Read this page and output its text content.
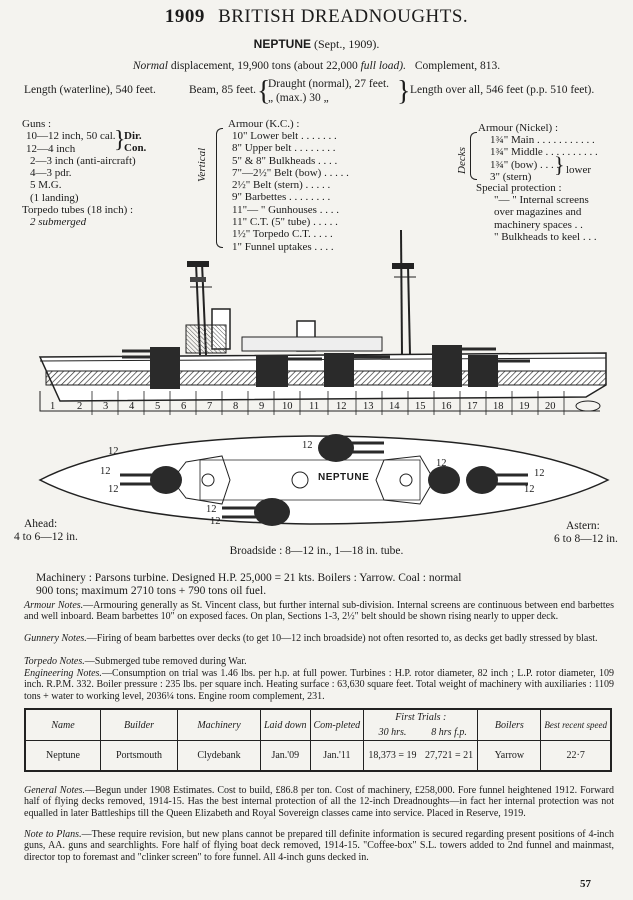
1909 BRITISH DREADNOUGHTS.
NEPTUNE (Sept., 1909).
Normal displacement, 19,900 tons (about 22,000 full load). Complement, 813.
Length (waterline), 540 feet.	Beam, 85 feet. {
Draught (normal), 27 feet.
„ (max.) 30 „ } Length over all, 546 feet (p.p. 510 feet).
Guns :
10—12 inch, 50 cal.
12—4 inch
2—3 inch (anti-aircraft)
4—3 pdr.
5 M.G.
(1 landing)
Torpedo tubes (18 inch) :
2 submerged
}
Dir.
Con.
Armour (K.C.) :
Vertical
10" Lower belt . . . . . . .
8" Upper belt . . . . . . . .
5" & 8" Bulkheads . . . .
7"—2½" Belt (bow) . . . . .
2½" Belt (stern) . . . . .
9" Barbettes . . . . . . . .
11"— " Gunhouses . . . .
11" C.T. (5" tube) . . . . .
1½" Torpedo C.T. . . . .
1" Funnel uptakes . . . .
Armour (Nickel) :
Decks
1¾" Main . . . . . . . . . . .
1¾" Middle . . . . . . . . . .
1¾" (bow) . . . .
3" (stern)	} lower
Special protection :
"— " Internal screens
over magazines and
machinery spaces . .
" Bulkheads to keel . . .
1 2 3 4 5 6 7 8 9 10 11 12 13 14 15 16 17 18 19 20
NEPTUNE
12
12
12
12
12
12
12
12
12
Ahead:
4 to 6—12 in.
Astern:
6 to 8—12 in.
Broadside : 8—12 in., 1—18 in. tube.
Machinery : Parsons turbine. Designed H.P. 25,000 = 21 kts. Boilers : Yarrow. Coal : normal
900 tons; maximum 2710 tons + 790 tons oil fuel.
Armour Notes.—Armouring generally as St. Vincent class, but further internal sub-division. Internal screens are continuous between end barbettes and well inboard. Beam barbettes 10" on exposed faces. On plan, Sections 1-3, 2½" belt should be shown rising nearly to upper deck.
Gunnery Notes.—Firing of beam barbettes over decks (to get 10—12 inch broadside) not often resorted to, as decks get badly stressed by blast.
Torpedo Notes.—Submerged tube removed during War.
Engineering Notes.—Consumption on trial was 1.46 lbs. per h.p. at full power. Turbines : H.P. rotor diameter, 82 inch ; L.P. rotor diameter, 109 inch. R.P.M. 332. Boiler pressure : 235 lbs. per square inch. Heating surface : 63,630 square feet. Total weight of machinery with auxiliaries : 1109 tons + water to working level, 2036¼ tons. Engine room complement, 231.
Name	Builder	Machinery	Laid down	Com-pleted	First Trials :		Boilers	Best recent speed
					30 hrs.	8 hrs f.p.		
Neptune	Portsmouth	Clydebank	Jan.'09	Jan.'11	18,373 = 19	27,721 = 21	Yarrow	22·7
General Notes.—Begun under 1908 Estimates. Cost to build, £86.8 per ton. Cost of machinery, £258,000. Fore funnel heightened 1912. Forward half of flying decks removed, 1914-15. Has the best internal protection of all the 12-inch Dreadnoughts—in fact her internal protection was not equalled in later Battleships till the Queen Elizabeth and Royal Sovereign classes came into service. Placed in Reserve, 1919.
Note to Plans.—These require revision, but new plans cannot be prepared till definite information is secured regarding present positions of 4-inch guns, AA. guns and searchlights. Fore half of flying boat deck removed, 1914-15. "Coffee-box" S.L. towers added to 2nd funnel and mainmast, director top to foremast and "clinker screen" to fore funnel. All 4-inch guns decked in.
57
